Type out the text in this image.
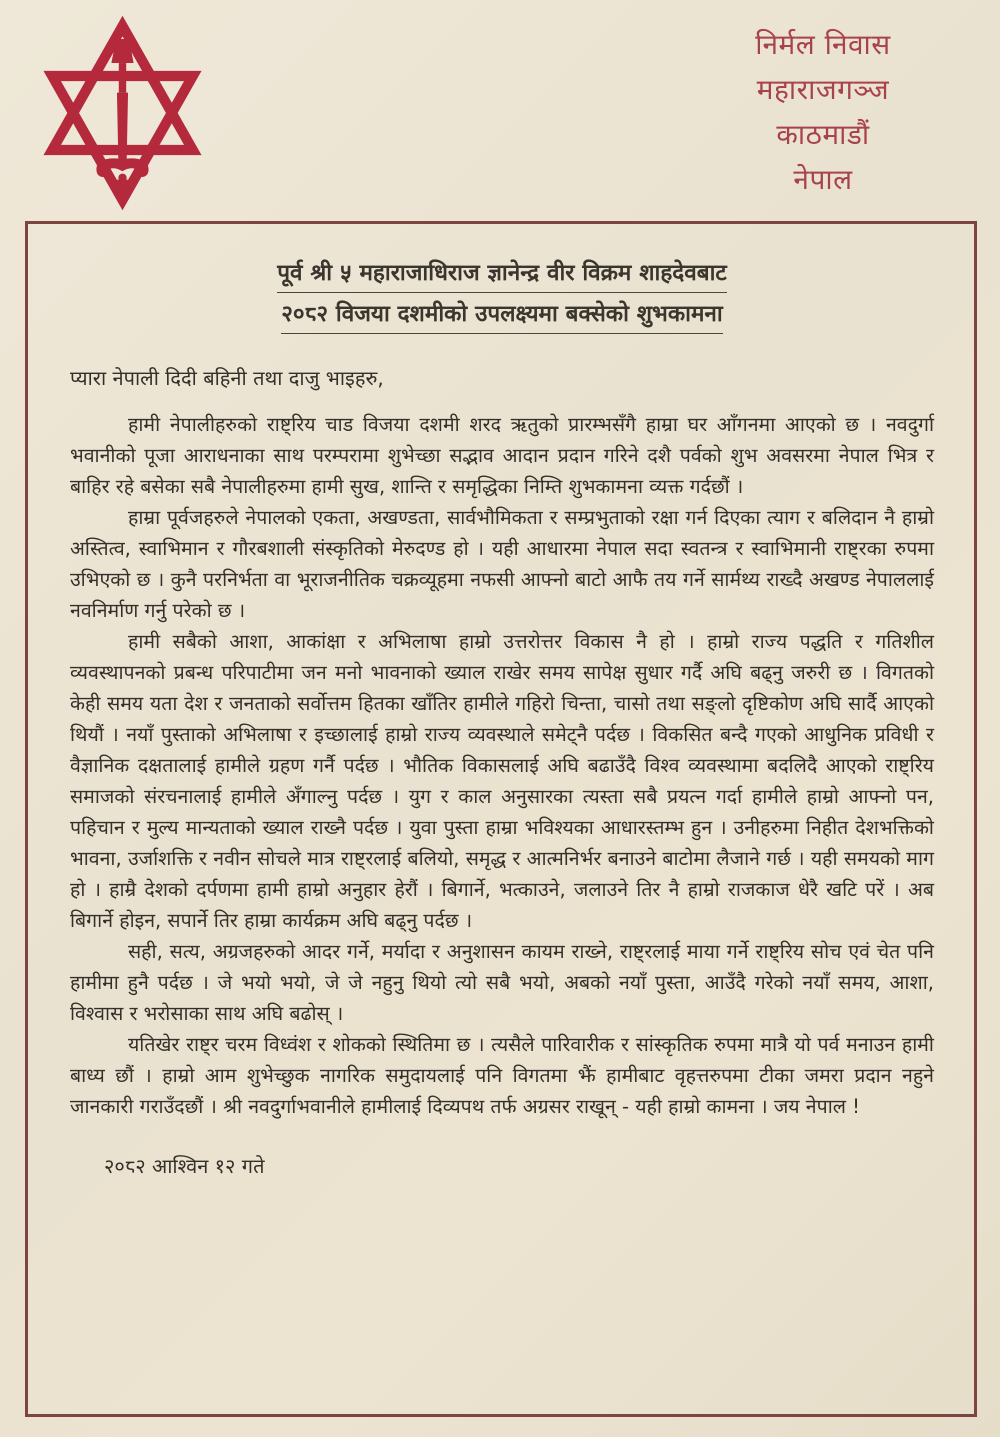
निर्मल निवास
महाराजगञ्ज
काठमाडौं
नेपाल
पूर्व श्री ५ महाराजाधिराज ज्ञानेन्द्र वीर विक्रम शाहदेवबाट
२०८२ विजया दशमीको उपलक्ष्यमा बक्सेको शुभकामना

प्यारा नेपाली दिदी बहिनी तथा दाजु भाइहरु,

हामी नेपालीहरुको राष्ट्रिय चाड विजया दशमी शरद ऋतुको प्रारम्भसँगै हाम्रा घर आँगनमा आएको छ । नवदुर्गा भवानीको पूजा आराधनाका साथ परम्परामा शुभेच्छा सद्भाव आदान प्रदान गरिने दशै पर्वको शुभ अवसरमा नेपाल भित्र र बाहिर रहे बसेका सबै नेपालीहरुमा हामी सुख, शान्ति र समृद्धिका निम्ति शुभकामना व्यक्त गर्दछौं ।

हाम्रा पूर्वजहरुले नेपालको एकता, अखण्डता, सार्वभौमिकता र सम्प्रभुताको रक्षा गर्न दिएका त्याग र बलिदान नै हाम्रो अस्तित्व, स्वाभिमान र गौरबशाली संस्कृतिको मेरुदण्ड हो । यही आधारमा नेपाल सदा स्वतन्त्र र स्वाभिमानी राष्ट्रका रुपमा उभिएको छ । कुनै परनिर्भता वा भूराजनीतिक चक्रव्यूहमा नफसी आफ्नो बाटो आफै तय गर्ने सार्मथ्य राख्दै अखण्ड नेपाललाई नवनिर्माण गर्नु परेको छ ।

हामी सबैको आशा, आकांक्षा र अभिलाषा हाम्रो उत्तरोत्तर विकास नै हो । हाम्रो राज्य पद्धति र गतिशील व्यवस्थापनको प्रबन्ध परिपाटीमा जन मनो भावनाको ख्याल राखेर समय सापेक्ष सुधार गर्दै अघि बढ्नु जरुरी छ । विगतको केही समय यता देश र जनताको सर्वोत्तम हितका खाँतिर हामीले गहिरो चिन्ता, चासो तथा सङ्लो दृष्टिकोण अघि सार्दै आएको थियौं । नयाँ पुस्ताको अभिलाषा र इच्छालाई हाम्रो राज्य व्यवस्थाले समेट्नै पर्दछ । विकसित बन्दै गएको आधुनिक प्रविधी र वैज्ञानिक दक्षतालाई हामीले ग्रहण गर्नै पर्दछ । भौतिक विकासलाई अघि बढाउँदै विश्व व्यवस्थामा बदलिदै आएको राष्ट्रिय समाजको संरचनालाई हामीले अँगाल्नु पर्दछ । युग र काल अनुसारका त्यस्ता सबै प्रयत्न गर्दा हामीले हाम्रो आफ्नो पन, पहिचान र मुल्य मान्यताको ख्याल राख्नै पर्दछ । युवा पुस्ता हाम्रा भविश्यका आधारस्तम्भ हुन । उनीहरुमा निहीत देशभक्तिको भावना, उर्जाशक्ति र नवीन सोचले मात्र राष्ट्रलाई बलियो, समृद्ध र आत्मनिर्भर बनाउने बाटोमा लैजाने गर्छ । यही समयको माग हो । हाम्रै देशको दर्पणमा हामी हाम्रो अनुहार हेरौं । बिगार्ने, भत्काउने, जलाउने तिर नै हाम्रो राजकाज धेरै खटि परें । अब बिगार्ने होइन, सपार्ने तिर हाम्रा कार्यक्रम अघि बढ्नु पर्दछ ।

सही, सत्य, अग्रजहरुको आदर गर्ने, मर्यादा र अनुशासन कायम राख्ने, राष्ट्रलाई माया गर्ने राष्ट्रिय सोच एवं चेत पनि हामीमा हुनै पर्दछ । जे भयो भयो, जे जे नहुनु थियो त्यो सबै भयो, अबको नयाँ पुस्ता, आउँदै गरेको नयाँ समय, आशा, विश्वास र भरोसाका साथ अघि बढोस् ।

यतिखेर राष्ट्र चरम विध्वंश र शोकको स्थितिमा छ । त्यसैले पारिवारीक र सांस्कृतिक रुपमा मात्रै यो पर्व मनाउन हामी बाध्य छौं । हाम्रो आम शुभेच्छुक नागरिक समुदायलाई पनि विगतमा झैं हामीबाट वृहत्तरुपमा टीका जमरा प्रदान नहुने जानकारी गराउँदछौं । श्री नवदुर्गाभवानीले हामीलाई दिव्यपथ तर्फ अग्रसर राखून् - यही हाम्रो कामना । जय नेपाल !

२०८२ आश्विन १२ गते
